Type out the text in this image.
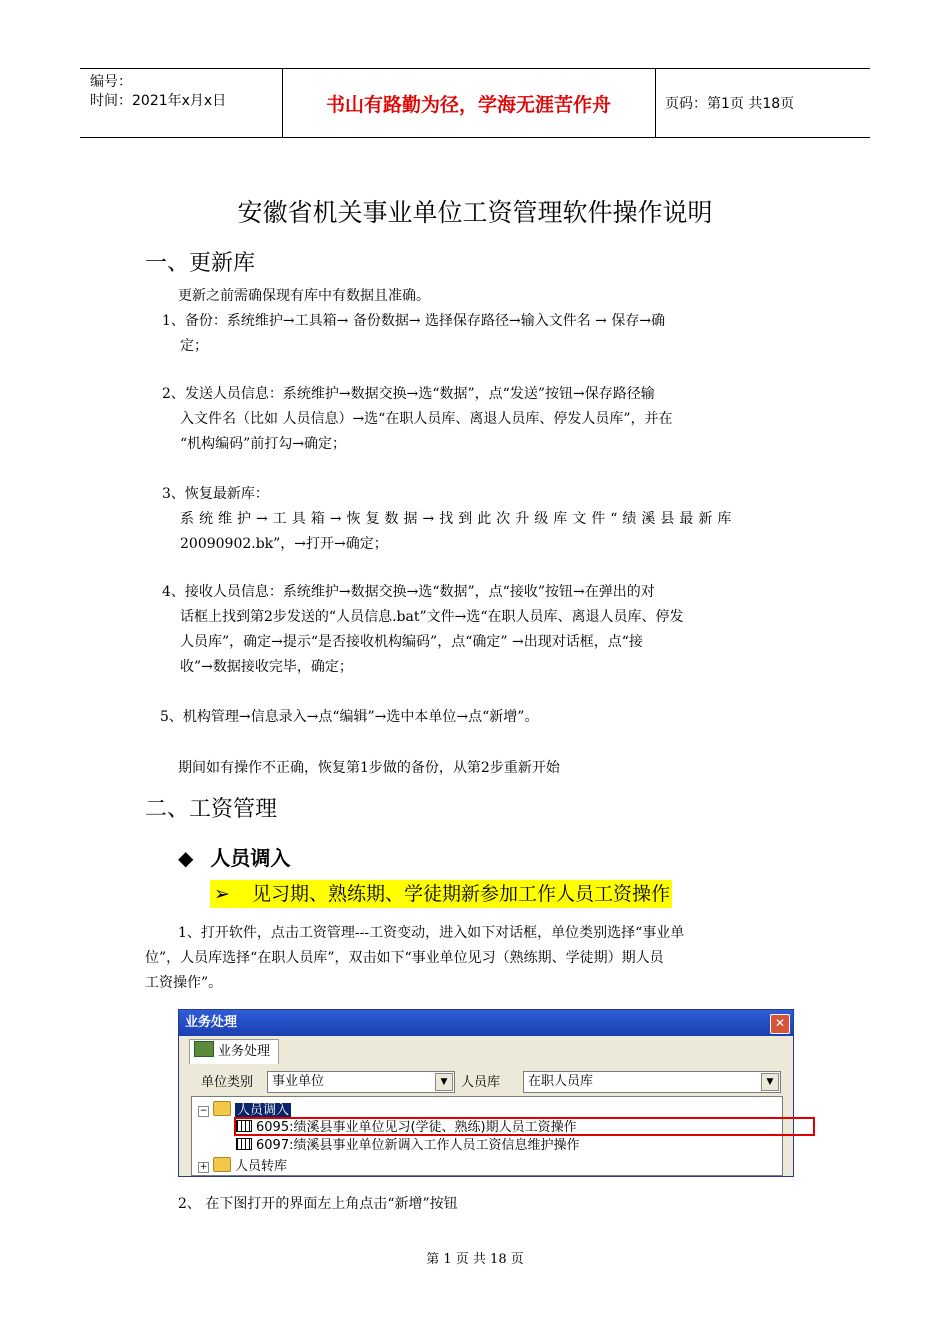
编号：
时间：2021年x月x日	书山有路勤为径，学海无涯苦作舟	页码：第1页 共18页
安徽省机关事业单位工资管理软件操作说明
一、更新库
更新之前需确保现有库中有数据且准确。
1、备份：系统维护→工具箱→ 备份数据→ 选择保存路径→输入文件名 → 保存→确
定；
2、发送人员信息：系统维护→数据交换→选“数据”，点“发送”按钮→保存路径输
入文件名（比如 人员信息）→选“在职人员库、离退人员库、停发人员库”，并在
“机构编码”前打勾→确定；
3、恢复最新库：
系统维护→工具箱→恢复数据→找到此次升级库文件“绩溪县最新库
20090902.bk”，→打开→确定；
4、接收人员信息：系统维护→数据交换→选“数据”，点“接收”按钮→在弹出的对
话框上找到第2步发送的“人员信息.bat”文件→选“在职人员库、离退人员库、停发
人员库”，确定→提示“是否接收机构编码”，点“确定” →出现对话框，点“接
收”→数据接收完毕，确定；
5、机构管理→信息录入→点“编辑”→选中本单位→点“新增”。
期间如有操作不正确，恢复第1步做的备份，从第2步重新开始
二、工资管理
◆ 人员调入
➢ 见习期、熟练期、学徒期新参加工作人员工资操作
1、打开软件，点击工资管理---工资变动，进入如下对话框，单位类别选择“事业单
位”，人员库选择“在职人员库”，双击如下“事业单位见习（熟练期、学徒期）期人员
工资操作”。
业务处理	✕
业务处理
单位类别	事业单位	▼	人员库	在职人员库	▼
− 人员调入
6095:绩溪县事业单位见习(学徒、熟练)期人员工资操作
6097:绩溪县事业单位新调入工作人员工资信息维护操作
+ 人员转库
2、 在下图打开的界面左上角点击“新增”按钮
第 1 页 共 18 页
